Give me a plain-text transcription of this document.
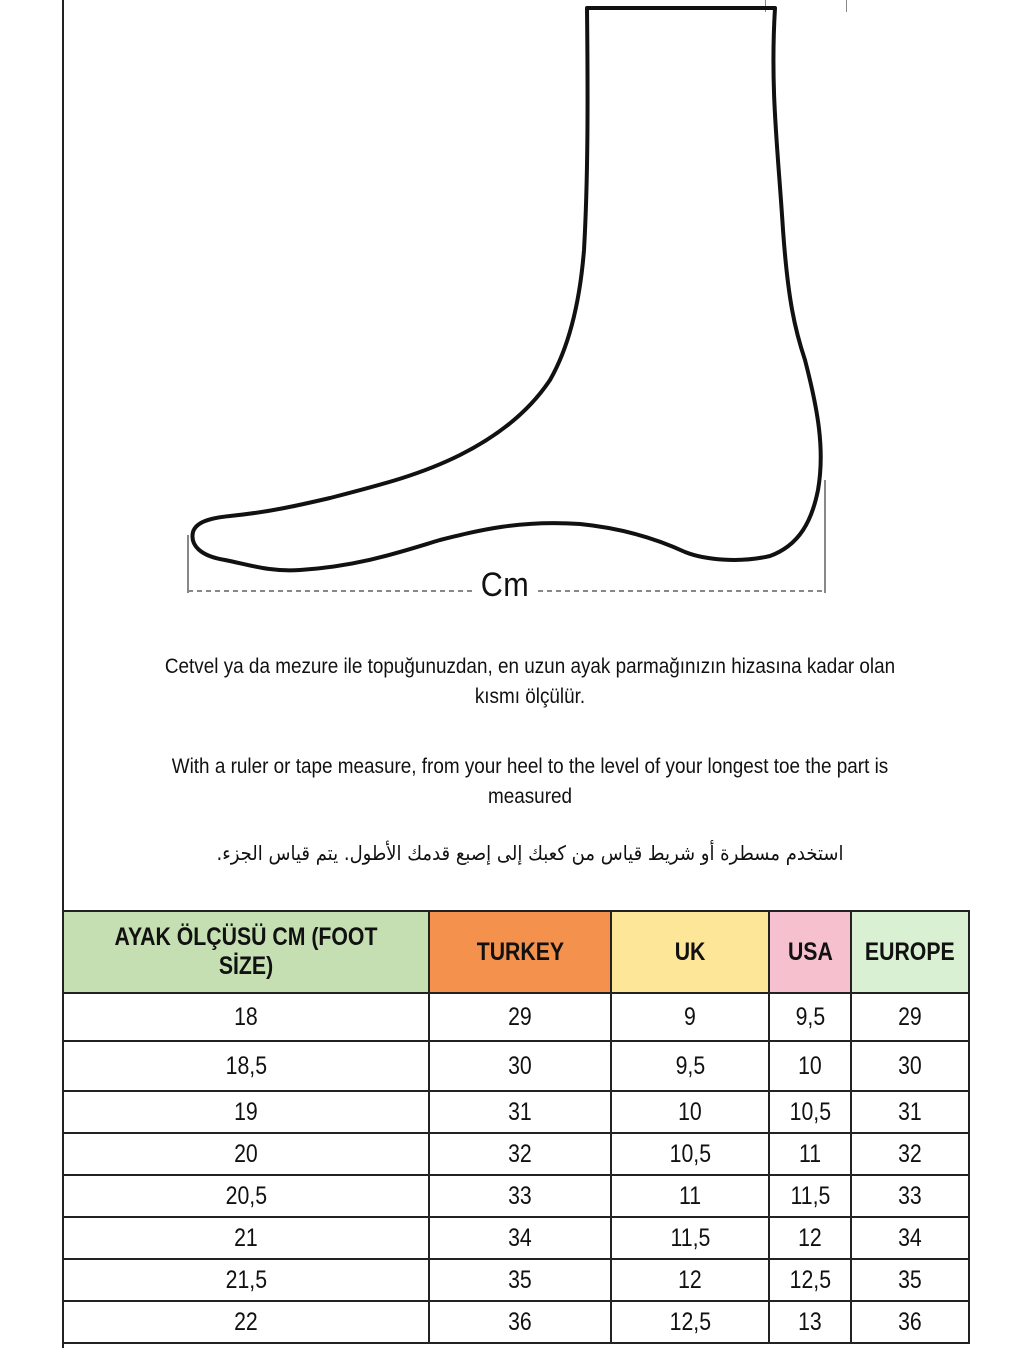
Cm
Cetvel ya da mezure ile topuğunuzdan, en uzun ayak parmağınızın hizasına kadar olan kısmı ölçülür.
With a ruler or tape measure, from your heel to the level of your longest toe the part is measured
استخدم مسطرة أو شريط قياس من كعبك إلى إصبع قدمك الأطول. يتم قياس الجزء.
AYAK ÖLÇÜSÜ CM (FOOT SİZE)	TURKEY	UK	USA	EUROPE
18	29	9	9,5	29
18,5	30	9,5	10	30
19	31	10	10,5	31
20	32	10,5	11	32
20,5	33	11	11,5	33
21	34	11,5	12	34
21,5	35	12	12,5	35
22	36	12,5	13	36
